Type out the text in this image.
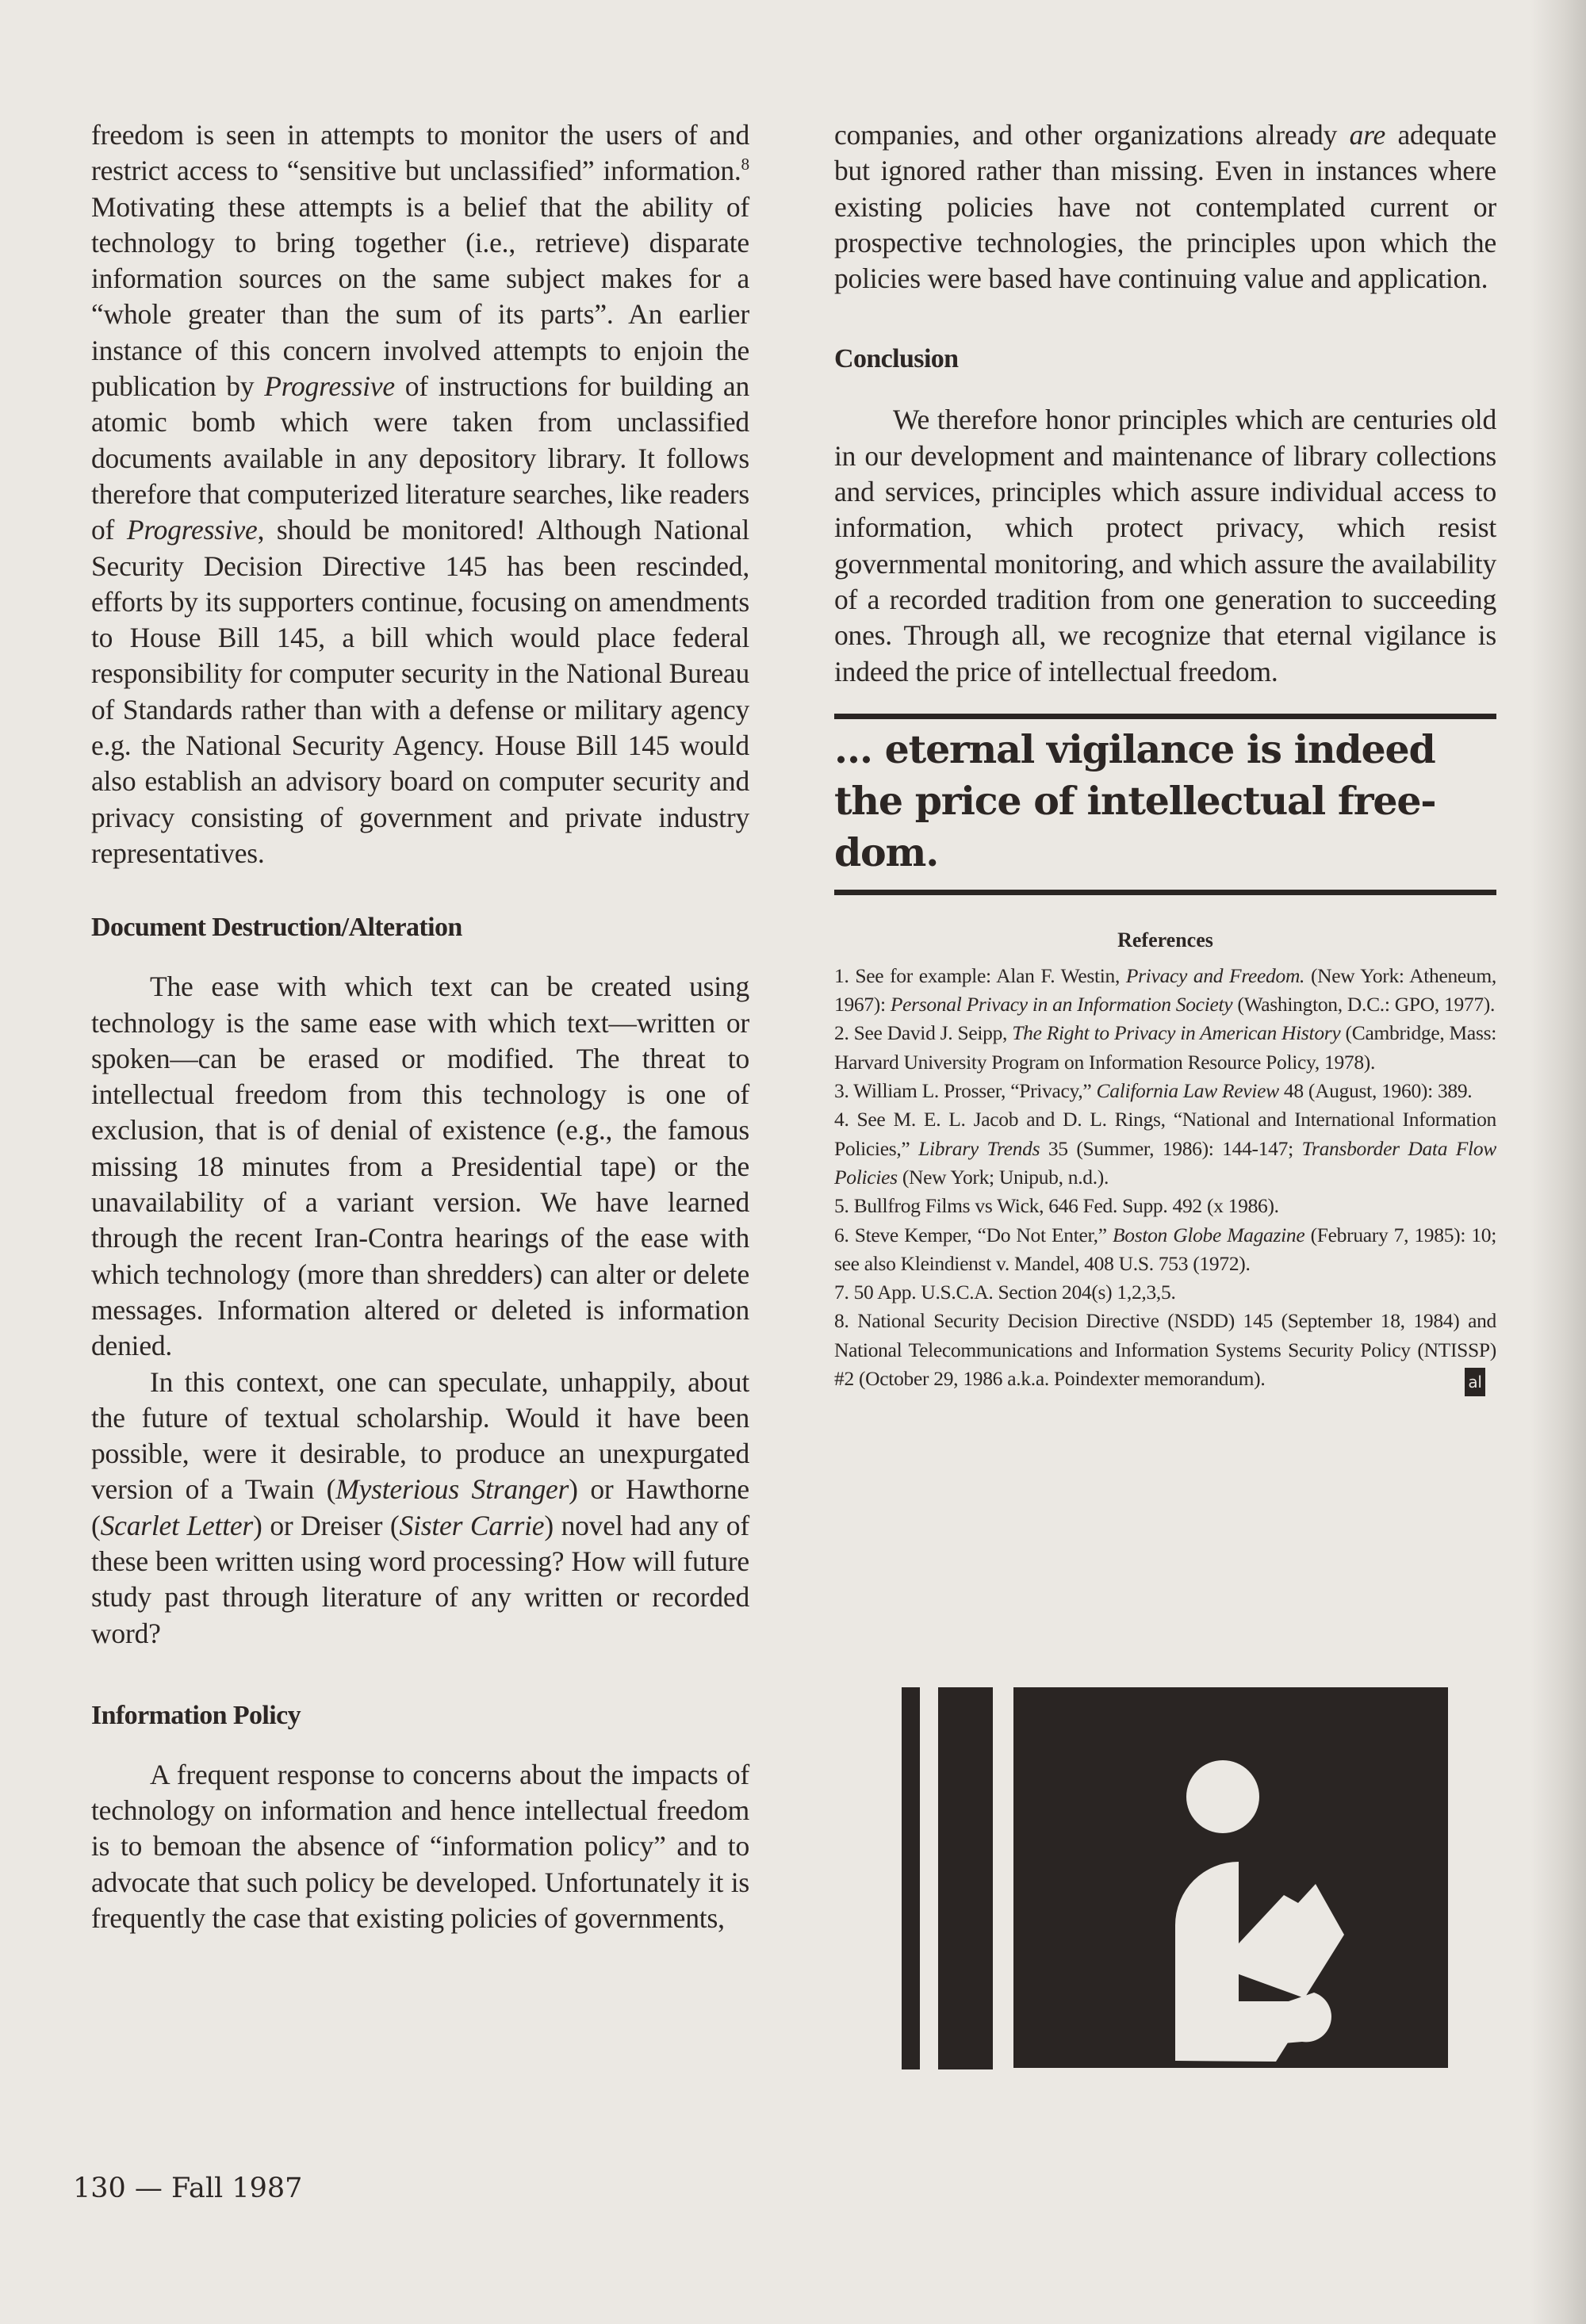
freedom is seen in attempts to monitor the users of and restrict access to “sensitive but unclassified” information.$^8$ Motivating these attempts is a belief that the ability of technology to bring together (i.e., retrieve) disparate information sources on the same subject makes for a “whole greater than the sum of its parts”. An earlier instance of this concern involved attempts to enjoin the publication by Progressive of instructions for building an atomic bomb which were taken from unclassified documents available in any depository library. It follows therefore that computerized literature searches, like readers of Progressive, should be monitored! Although National Security Decision Directive 145 has been rescinded, efforts by its supporters continue, focusing on amendments to House Bill 145, a bill which would place federal responsibility for computer security in the National Bureau of Standards rather than with a defense or military agency e.g. the National Security Agency. House Bill 145 would also establish an advisory board on computer security and privacy consisting of government and private industry representatives.

Document Destruction/Alteration

The ease with which text can be created using technology is the same ease with which text—written or spoken—can be erased or modified. The threat to intellectual freedom from this technology is one of exclusion, that is of denial of existence (e.g., the famous missing 18 minutes from a Presidential tape) or the unavailability of a variant version. We have learned through the recent Iran-Contra hearings of the ease with which technology (more than shredders) can alter or delete messages. Information altered or deleted is information denied.

In this context, one can speculate, unhappily, about the future of textual scholarship. Would it have been possible, were it desirable, to produce an unexpurgated version of a Twain (Mysterious Stranger) or Hawthorne (Scarlet Letter) or Dreiser (Sister Carrie) novel had any of these been written using word processing? How will future study past through literature of any written or recorded word?

Information Policy

A frequent response to concerns about the impacts of technology on information and hence intellectual freedom is to bemoan the absence of “information policy” and to advocate that such policy be developed. Unfortunately it is frequently the case that existing policies of governments,

companies, and other organizations already are adequate but ignored rather than missing. Even in instances where existing policies have not contemplated current or prospective technologies, the principles upon which the policies were based have continuing value and application.

Conclusion

We therefore honor principles which are centuries old in our development and maintenance of library collections and services, principles which assure individual access to information, which protect privacy, which resist governmental monitoring, and which assure the availability of a recorded tradition from one generation to succeeding ones. Through all, we recognize that eternal vigilance is indeed the price of intellectual freedom.

… eternal vigilance is indeed the price of intellectual freedom.
References

1. See for example: Alan F. Westin, Privacy and Freedom. (New York: Atheneum, 1967): Personal Privacy in an Information Society (Washington, D.C.: GPO, 1977).

2. See David J. Seipp, The Right to Privacy in American History (Cambridge, Mass: Harvard University Program on Information Resource Policy, 1978).

3. William L. Prosser, “Privacy,” California Law Review 48 (August, 1960): 389.

4. See M. E. L. Jacob and D. L. Rings, “National and International Information Policies,” Library Trends 35 (Summer, 1986): 144-147; Transborder Data Flow Policies (New York; Unipub, n.d.).

5. Bullfrog Films vs Wick, 646 Fed. Supp. 492 (x 1986).

6. Steve Kemper, “Do Not Enter,” Boston Globe Magazine (February 7, 1985): 10; see also Kleindienst v. Mandel, 408 U.S. 753 (1972).

7. 50 App. U.S.C.A. Section 204(s) 1,2,3,5.

8. National Security Decision Directive (NSDD) 145 (September 18, 1984) and National Telecommunications and Information Systems Security Policy (NTISSP) #2 (October 29, 1986 a.k.a. Poindexter memorandum).	al

130 — Fall 1987
